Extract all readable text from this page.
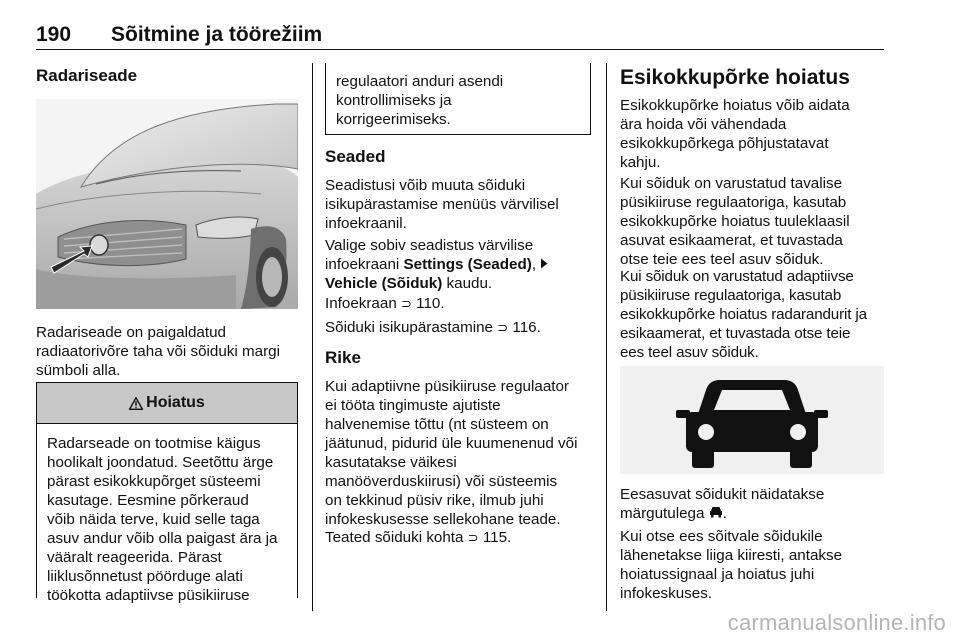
190 Sõitmine ja töörežiim
Radariseade
Radariseade on paigaldatud
radiaatorivõre taha või sõiduki margi
sümboli alla.
Hoiatus
Radarseade on tootmise käigus
hoolikalt joondatud. Seetõttu ärge
pärast esikokkupõrget süsteemi
kasutage. Eesmine põrkeraud
võib näida terve, kuid selle taga
asuv andur võib olla paigast ära ja
vääralt reageerida. Pärast
liiklusõnnetust pöörduge alati
töökotta adaptiivse püsikiiruse
regulaatori anduri asendi
kontrollimiseks ja
korrigeerimiseks.
Seaded
Seadistusi võib muuta sõiduki
isikupärastamise menüüs värvilisel
infoekraanil.
Valige sobiv seadistus värvilise
infoekraani Settings (Seaded),
Vehicle (Sõiduk) kaudu.
Infoekraan ⊃ 110.
Sõiduki isikupärastamine ⊃ 116.
Rike
Kui adaptiivne püsikiiruse regulaator
ei tööta tingimuste ajutiste
halvenemise tõttu (nt süsteem on
jäätunud, pidurid üle kuumenenud või
kasutatakse väikesi
manööverduskiirusi) või süsteemis
on tekkinud püsiv rike, ilmub juhi
infokeskusesse sellekohane teade.
Teated sõiduki kohta ⊃ 115.
Esikokkupõrke hoiatus
Esikokkupõrke hoiatus võib aidata
ära hoida või vähendada
esikokkupõrkega põhjustatavat
kahju.
Kui sõiduk on varustatud tavalise
püsikiiruse regulaatoriga, kasutab
esikokkupõrke hoiatus tuuleklaasil
asuvat esikaamerat, et tuvastada
otse teie ees teel asuv sõiduk.
Kui sõiduk on varustatud adaptiivse
püsikiiruse regulaatoriga, kasutab
esikokkupõrke hoiatus radarandurit ja
esikaamerat, et tuvastada otse teie
ees teel asuv sõiduk.
Eesasuvat sõidukit näidatakse
märgutulega .
Kui otse ees sõitvale sõidukile
lähenetakse liiga kiiresti, antakse
hoiatussignaal ja hoiatus juhi
infokeskuses.
carmanualsonline.info
